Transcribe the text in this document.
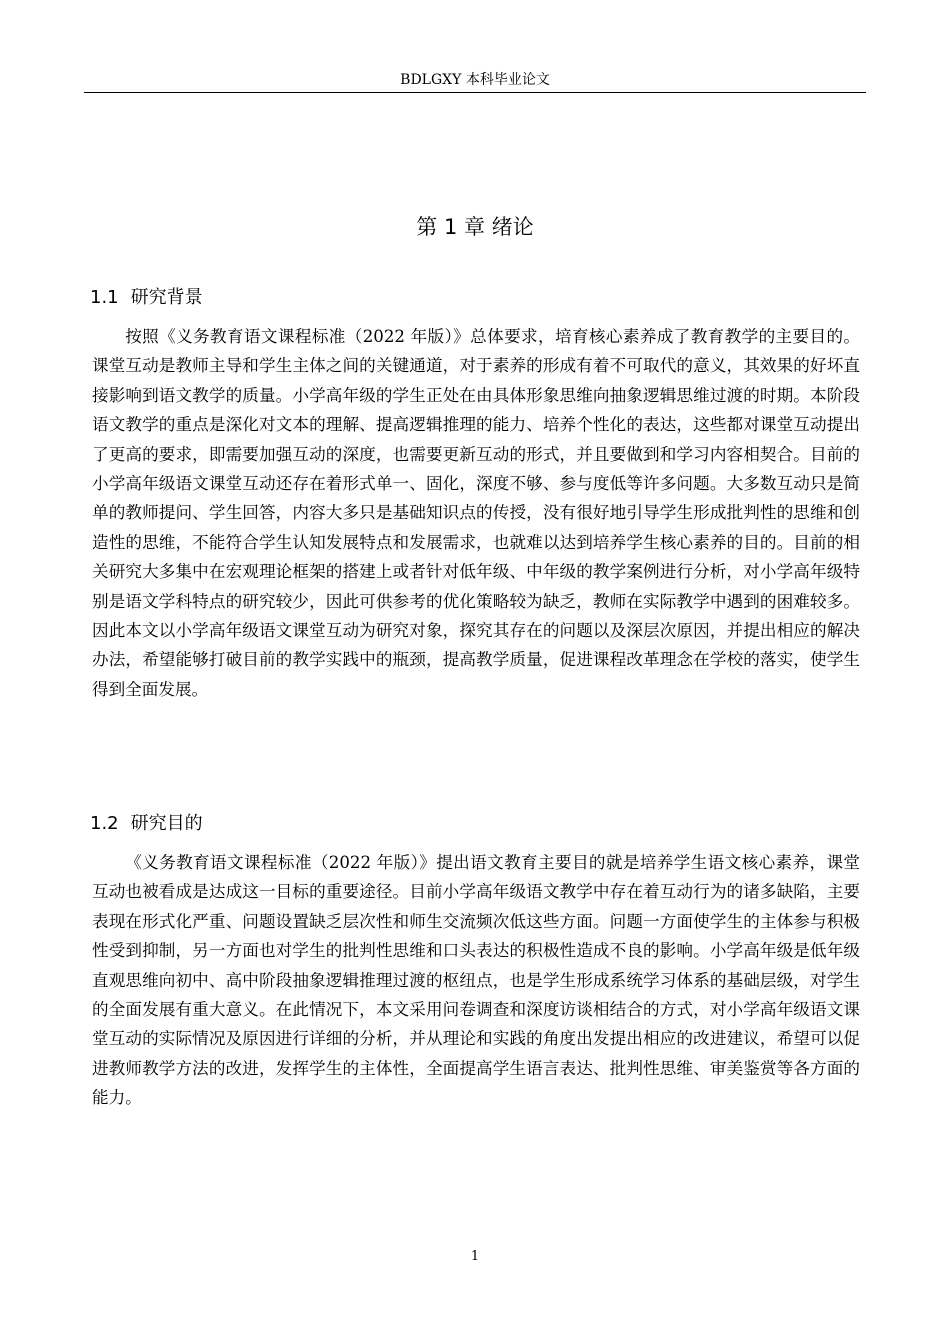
BDLGXY 本科毕业论文
第 1 章 绪论
1.1 研究背景

按照《义务教育语文课程标准（2022 年版）》总体要求，培育核心素养成了教育教学的主要目的。课堂互动是教师主导和学生主体之间的关键通道，对于素养的形成有着不可取代的意义，其效果的好坏直接影响到语文教学的质量。小学高年级的学生正处在由具体形象思维向抽象逻辑思维过渡的时期。本阶段语文教学的重点是深化对文本的理解、提高逻辑推理的能力、培养个性化的表达，这些都对课堂互动提出了更高的要求，即需要加强互动的深度，也需要更新互动的形式，并且要做到和学习内容相契合。目前的小学高年级语文课堂互动还存在着形式单一、固化，深度不够、参与度低等许多问题。大多数互动只是简单的教师提问、学生回答，内容大多只是基础知识点的传授，没有很好地引导学生形成批判性的思维和创造性的思维，不能符合学生认知发展特点和发展需求，也就难以达到培养学生核心素养的目的。目前的相关研究大多集中在宏观理论框架的搭建上或者针对低年级、中年级的教学案例进行分析，对小学高年级特别是语文学科特点的研究较少，因此可供参考的优化策略较为缺乏，教师在实际教学中遇到的困难较多。因此本文以小学高年级语文课堂互动为研究对象，探究其存在的问题以及深层次原因，并提出相应的解决办法，希望能够打破目前的教学实践中的瓶颈，提高教学质量，促进课程改革理念在学校的落实，使学生得到全面发展。

1.2 研究目的

《义务教育语文课程标准（2022 年版）》提出语文教育主要目的就是培养学生语文核心素养，课堂互动也被看成是达成这一目标的重要途径。目前小学高年级语文教学中存在着互动行为的诸多缺陷，主要表现在形式化严重、问题设置缺乏层次性和师生交流频次低这些方面。问题一方面使学生的主体参与积极性受到抑制，另一方面也对学生的批判性思维和口头表达的积极性造成不良的影响。小学高年级是低年级直观思维向初中、高中阶段抽象逻辑推理过渡的枢纽点，也是学生形成系统学习体系的基础层级，对学生的全面发展有重大意义。在此情况下，本文采用问卷调查和深度访谈相结合的方式，对小学高年级语文课堂互动的实际情况及原因进行详细的分析，并从理论和实践的角度出发提出相应的改进建议，希望可以促进教师教学方法的改进，发挥学生的主体性，全面提高学生语言表达、批判性思维、审美鉴赏等各方面的能力。

1
